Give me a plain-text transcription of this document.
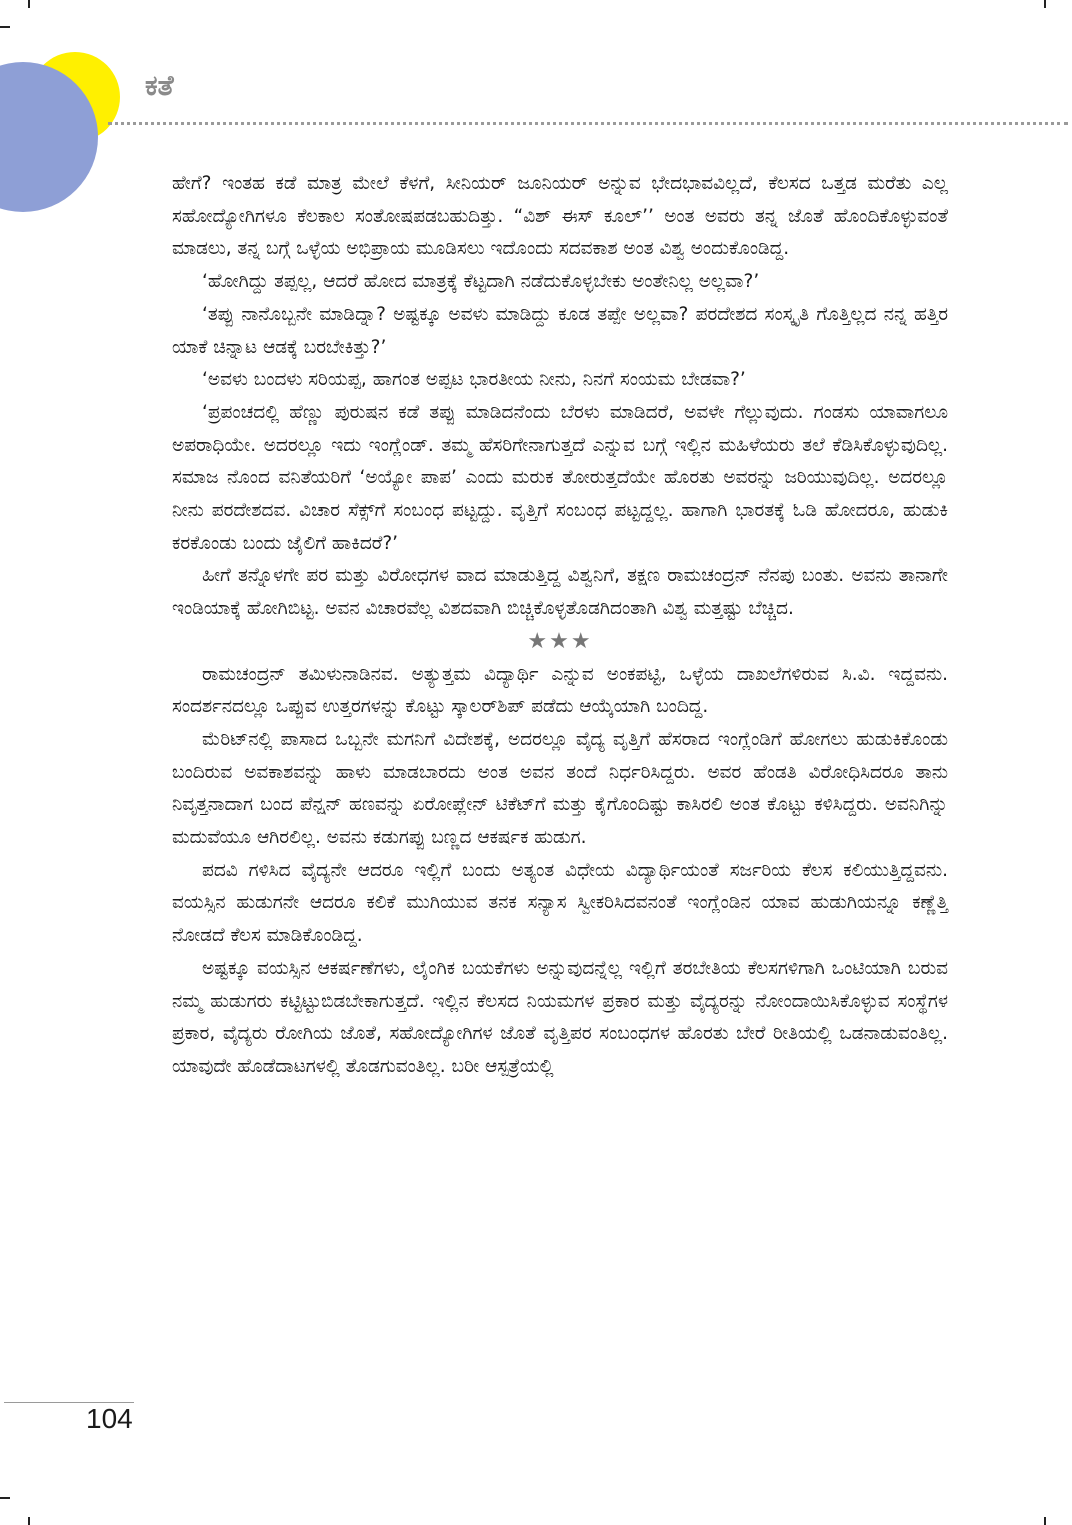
ಕತೆ

ಹೇಗೆ? ಇಂತಹ ಕಡೆ ಮಾತ್ರ ಮೇಲೆ ಕೆಳಗೆ, ಸೀನಿಯರ್ ಜೂನಿಯರ್ ಅನ್ನುವ ಭೇದಭಾವವಿಲ್ಲದೆ, ಕೆಲಸದ ಒತ್ತಡ ಮರೆತು ಎಲ್ಲ ಸಹೋದ್ಯೋಗಿಗಳೂ ಕೆಲಕಾಲ ಸಂತೋಷಪಡಬಹುದಿತ್ತು. “ವಿಶ್ ಈಸ್ ಕೂಲ್’’ ಅಂತ ಅವರು ತನ್ನ ಜೊತೆ ಹೊಂದಿಕೊಳ್ಳುವಂತೆ ಮಾಡಲು, ತನ್ನ ಬಗ್ಗೆ ಒಳ್ಳೆಯ ಅಭಿಪ್ರಾಯ ಮೂಡಿಸಲು ಇದೊಂದು ಸದವಕಾಶ ಅಂತ ವಿಶ್ವ ಅಂದುಕೊಂಡಿದ್ದ.

‘ಹೋಗಿದ್ದು ತಪ್ಪಲ್ಲ, ಆದರೆ ಹೋದ ಮಾತ್ರಕ್ಕೆ ಕೆಟ್ಟದಾಗಿ ನಡೆದುಕೊಳ್ಳಬೇಕು ಅಂತೇನಿಲ್ಲ ಅಲ್ಲವಾ?’

‘ತಪ್ಪು ನಾನೊಬ್ಬನೇ ಮಾಡಿದ್ನಾ? ಅಷ್ಟಕ್ಕೂ ಅವಳು ಮಾಡಿದ್ದು ಕೂಡ ತಪ್ಪೇ ಅಲ್ಲವಾ? ಪರದೇಶದ ಸಂಸ್ಕೃತಿ ಗೊತ್ತಿಲ್ಲದ ನನ್ನ ಹತ್ತಿರ ಯಾಕೆ ಚಿನ್ನಾಟ ಆಡಕ್ಕೆ ಬರಬೇಕಿತ್ತು?’

‘ಅವಳು ಬಂದಳು ಸರಿಯಪ್ಪ, ಹಾಗಂತ ಅಪ್ಪಟ ಭಾರತೀಯ ನೀನು, ನಿನಗೆ ಸಂಯಮ ಬೇಡವಾ?’

‘ಪ್ರಪಂಚದಲ್ಲಿ ಹೆಣ್ಣು ಪುರುಷನ ಕಡೆ ತಪ್ಪು ಮಾಡಿದನೆಂದು ಬೆರಳು ಮಾಡಿದರೆ, ಅವಳೇ ಗೆಲ್ಲುವುದು. ಗಂಡಸು ಯಾವಾಗಲೂ ಅಪರಾಧಿಯೇ. ಅದರಲ್ಲೂ ಇದು ಇಂಗ್ಲೆಂಡ್. ತಮ್ಮ ಹೆಸರಿಗೇನಾಗುತ್ತದೆ ಎನ್ನುವ ಬಗ್ಗೆ ಇಲ್ಲಿನ ಮಹಿಳೆಯರು ತಲೆ ಕೆಡಿಸಿಕೊಳ್ಳುವುದಿಲ್ಲ. ಸಮಾಜ ನೊಂದ ವನಿತೆಯರಿಗೆ ‘ಅಯ್ಯೋ ಪಾಪ’ ಎಂದು ಮರುಕ ತೋರುತ್ತದೆಯೇ ಹೊರತು ಅವರನ್ನು ಜರಿಯುವುದಿಲ್ಲ. ಅದರಲ್ಲೂ ನೀನು ಪರದೇಶದವ. ವಿಚಾರ ಸೆಕ್ಸ್‌ಗೆ ಸಂಬಂಧ ಪಟ್ಟದ್ದು. ವೃತ್ತಿಗೆ ಸಂಬಂಧ ಪಟ್ಟದ್ದಲ್ಲ. ಹಾಗಾಗಿ ಭಾರತಕ್ಕೆ ಓಡಿ ಹೋದರೂ, ಹುಡುಕಿ ಕರಕೊಂಡು ಬಂದು ಜೈಲಿಗೆ ಹಾಕಿದರೆ?’

ಹೀಗೆ ತನ್ನೊಳಗೇ ಪರ ಮತ್ತು ವಿರೋಧಗಳ ವಾದ ಮಾಡುತ್ತಿದ್ದ ವಿಶ್ವನಿಗೆ, ತಕ್ಷಣ ರಾಮಚಂದ್ರನ್ ನೆನಪು ಬಂತು. ಅವನು ತಾನಾಗೇ ಇಂಡಿಯಾಕ್ಕೆ ಹೋಗಿಬಿಟ್ಟ. ಅವನ ವಿಚಾರವೆಲ್ಲ ವಿಶದವಾಗಿ ಬಿಚ್ಚಿಕೊಳ್ಳತೊಡಗಿದಂತಾಗಿ ವಿಶ್ವ ಮತ್ತಷ್ಟು ಬೆಚ್ಚಿದ.

★★★

ರಾಮಚಂದ್ರನ್ ತಮಿಳುನಾಡಿನವ. ಅತ್ಯುತ್ತಮ ವಿದ್ಯಾರ್ಥಿ ಎನ್ನುವ ಅಂಕಪಟ್ಟಿ, ಒಳ್ಳೆಯ ದಾಖಲೆಗಳಿರುವ ಸಿ.ವಿ. ಇದ್ದವನು. ಸಂದರ್ಶನದಲ್ಲೂ ಒಪ್ಪುವ ಉತ್ತರಗಳನ್ನು ಕೊಟ್ಟು ಸ್ಕಾಲರ್‌ಶಿಪ್ ಪಡೆದು ಆಯ್ಕೆಯಾಗಿ ಬಂದಿದ್ದ.

ಮೆರಿಟ್‌ನಲ್ಲಿ ಪಾಸಾದ ಒಬ್ಬನೇ ಮಗನಿಗೆ ವಿದೇಶಕ್ಕೆ, ಅದರಲ್ಲೂ ವೈದ್ಯ ವೃತ್ತಿಗೆ ಹೆಸರಾದ ಇಂಗ್ಲೆಂಡಿಗೆ ಹೋಗಲು ಹುಡುಕಿಕೊಂಡು ಬಂದಿರುವ ಅವಕಾಶವನ್ನು ಹಾಳು ಮಾಡಬಾರದು ಅಂತ ಅವನ ತಂದೆ ನಿರ್ಧರಿಸಿದ್ದರು. ಅವರ ಹೆಂಡತಿ ವಿರೋಧಿಸಿದರೂ ತಾನು ನಿವೃತ್ತನಾದಾಗ ಬಂದ ಪೆನ್ಷನ್ ಹಣವನ್ನು ಏರೋಪ್ಲೇನ್ ಟಿಕೆಟ್‌ಗೆ ಮತ್ತು ಕೈಗೊಂದಿಷ್ಟು ಕಾಸಿರಲಿ ಅಂತ ಕೊಟ್ಟು ಕಳಿಸಿದ್ದರು. ಅವನಿಗಿನ್ನು ಮದುವೆಯೂ ಆಗಿರಲಿಲ್ಲ. ಅವನು ಕಡುಗಪ್ಪು ಬಣ್ಣದ ಆಕರ್ಷಕ ಹುಡುಗ.

ಪದವಿ ಗಳಿಸಿದ ವೈದ್ಯನೇ ಆದರೂ ಇಲ್ಲಿಗೆ ಬಂದು ಅತ್ಯಂತ ವಿಧೇಯ ವಿದ್ಯಾರ್ಥಿಯಂತೆ ಸರ್ಜರಿಯ ಕೆಲಸ ಕಲಿಯುತ್ತಿದ್ದವನು. ವಯಸ್ಸಿನ ಹುಡುಗನೇ ಆದರೂ ಕಲಿಕೆ ಮುಗಿಯುವ ತನಕ ಸನ್ಯಾಸ ಸ್ವೀಕರಿಸಿದವನಂತೆ ಇಂಗ್ಲೆಂಡಿನ ಯಾವ ಹುಡುಗಿಯನ್ನೂ ಕಣ್ಣೆತ್ತಿ ನೋಡದೆ ಕೆಲಸ ಮಾಡಿಕೊಂಡಿದ್ದ.

ಅಷ್ಟಕ್ಕೂ ವಯಸ್ಸಿನ ಆಕರ್ಷಣೆಗಳು, ಲೈಂಗಿಕ ಬಯಕೆಗಳು ಅನ್ನುವುದನ್ನೆಲ್ಲ ಇಲ್ಲಿಗೆ ತರಬೇತಿಯ ಕೆಲಸಗಳಿಗಾಗಿ ಒಂಟಿಯಾಗಿ ಬರುವ ನಮ್ಮ ಹುಡುಗರು ಕಟ್ಟಿಟ್ಟುಬಿಡಬೇಕಾಗುತ್ತದೆ. ಇಲ್ಲಿನ ಕೆಲಸದ ನಿಯಮಗಳ ಪ್ರಕಾರ ಮತ್ತು ವೈದ್ಯರನ್ನು ನೋಂದಾಯಿಸಿಕೊಳ್ಳುವ ಸಂಸ್ಥೆಗಳ ಪ್ರಕಾರ, ವೈದ್ಯರು ರೋಗಿಯ ಜೊತೆ, ಸಹೋದ್ಯೋಗಿಗಳ ಜೊತೆ ವೃತ್ತಿಪರ ಸಂಬಂಧಗಳ ಹೊರತು ಬೇರೆ ರೀತಿಯಲ್ಲಿ ಒಡನಾಡುವಂತಿಲ್ಲ. ಯಾವುದೇ ಹೊಡೆದಾಟಗಳಲ್ಲಿ ತೊಡಗುವಂತಿಲ್ಲ. ಬರೀ ಆಸ್ಪತ್ರೆಯಲ್ಲಿ

104
